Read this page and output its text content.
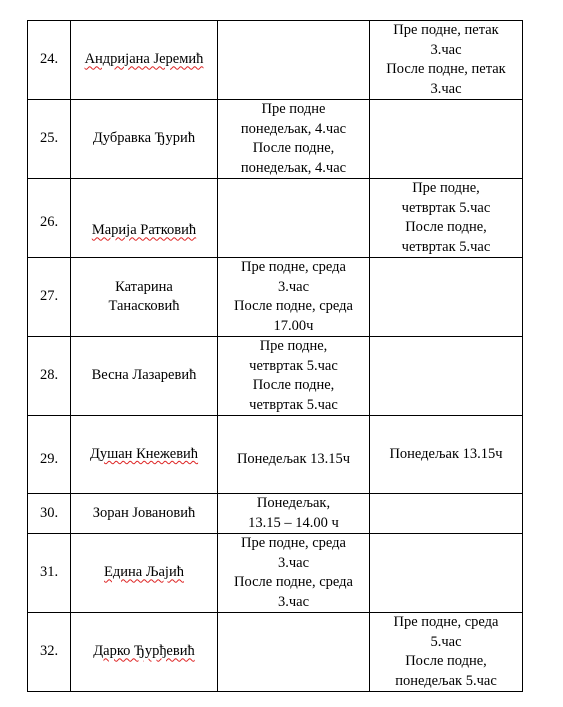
24.	Андријана Јеремић		Пре подне, петак
3.час
После подне, петак
3.час
25.	Дубравка Ђурић	Пре подне
понедељак, 4.час
После подне,
понедељак, 4.час	

26.	Марија Ратковић		Пре подне,
четвртак 5.час
После подне,
четвртак 5.час
27.	Катарина
Танасковић	Пре подне, среда
3.час
После подне, среда
17.00ч	
28.	Весна Лазаревић	Пре подне,
четвртак 5.час
После подне,
четвртак 5.час	

29.	Душан Кнежевић	Понедељак 13.15ч	Понедељак 13.15ч
30.	Зоран Јовановић	Понедељак,
13.15 – 14.00 ч	
31.	Едина Љајић	Пре подне, среда
3.час
После подне, среда
3.час	
32.	Дарко Ђурђевић		Пре подне, среда
5.час
После подне,
понедељак 5.час
